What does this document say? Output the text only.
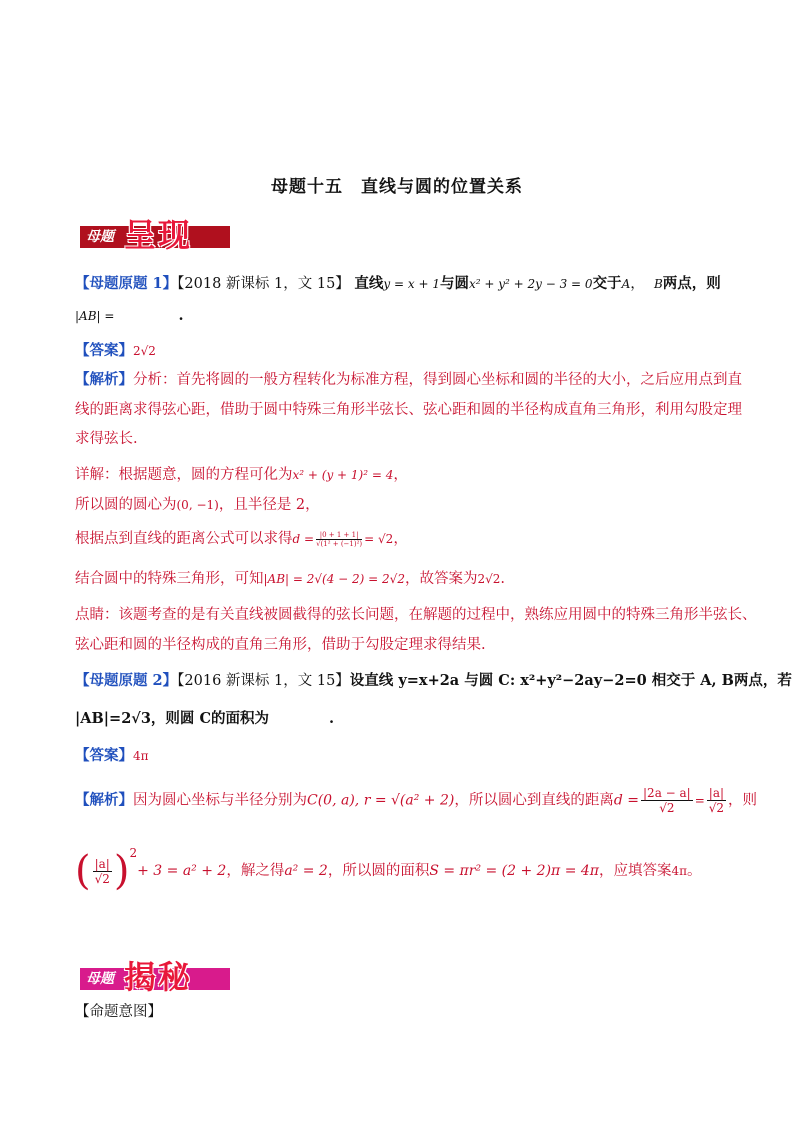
母题十五　直线与圆的位置关系
母题 呈现
【母题原题 1】【2018 新课标 1，文 15】 直线y = x + 1与圆x² + y² + 2y − 3 = 0交于A，  B两点，则
|AB| =	.
【答案】2√2
【解析】分析：首先将圆的一般方程转化为标准方程，得到圆心坐标和圆的半径的大小，之后应用点到直
线的距离求得弦心距，借助于圆中特殊三角形半弦长、弦心距和圆的半径构成直角三角形，利用勾股定理
求得弦长.
详解：根据题意，圆的方程可化为x² + (y + 1)² = 4，
所以圆的圆心为(0, −1)，且半径是 2，
根据点到直线的距离公式可以求得$d = \frac{|0 + 1 + 1|}{\text{√(1² + (−1)²)}} = √2$，
结合圆中的特殊三角形，可知|AB| = 2√(4 − 2) = 2√2，故答案为2√2.
点睛：该题考查的是有关直线被圆截得的弦长问题，在解题的过程中，熟练应用圆中的特殊三角形半弦长、
弦心距和圆的半径构成的直角三角形，借助于勾股定理求得结果.
【母题原题 2】【2016 新课标 1，文 15】设直线 y=x+2a 与圆 C: x²+y²−2ay−2=0 相交于 A, B两点，若
|AB|=2√3，则圆 C的面积为	.
【答案】4π
【解析】因为圆心坐标与半径分别为C(0, a), r = √(a² + 2)，所以圆心到直线的距离$d = \frac{|2a - a|}{√2} = \frac{|a|}{√2}$ ，则
( $\frac{|a|}{√2} )^2+ 3 = a^2 + 2$，解之得a² = 2，所以圆的面积S = πr² = (2 + 2)π = 4π，应填答案4π。
母题 揭秘
【命题意图】
